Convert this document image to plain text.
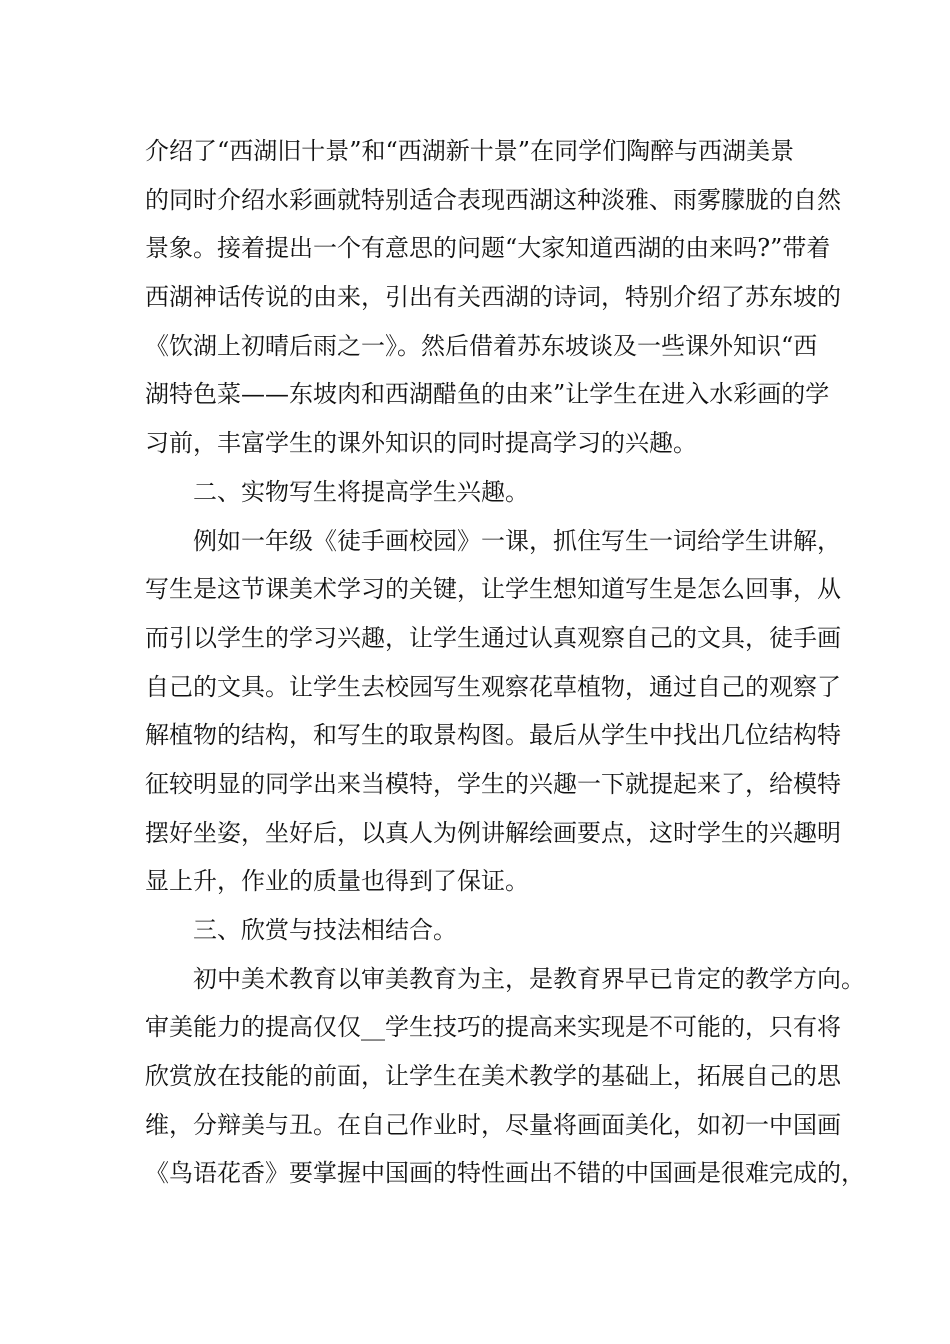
介绍了“西湖旧十景”和“西湖新十景”在同学们陶醉与西湖美景
的同时介绍水彩画就特别适合表现西湖这种淡雅、雨雾朦胧的自然
景象。接着提出一个有意思的问题“大家知道西湖的由来吗?”带着
西湖神话传说的由来，引出有关西湖的诗词，特别介绍了苏东坡的
《饮湖上初晴后雨之一》。然后借着苏东坡谈及一些课外知识“西
湖特色菜——东坡肉和西湖醋鱼的由来”让学生在进入水彩画的学
习前，丰富学生的课外知识的同时提高学习的兴趣。
　　二、实物写生将提高学生兴趣。
　　例如一年级《徒手画校园》一课，抓住写生一词给学生讲解，
写生是这节课美术学习的关键，让学生想知道写生是怎么回事，从
而引以学生的学习兴趣，让学生通过认真观察自己的文具，徒手画
自己的文具。让学生去校园写生观察花草植物，通过自己的观察了
解植物的结构，和写生的取景构图。最后从学生中找出几位结构特
征较明显的同学出来当模特，学生的兴趣一下就提起来了，给模特
摆好坐姿，坐好后，以真人为例讲解绘画要点，这时学生的兴趣明
显上升，作业的质量也得到了保证。
　　三、欣赏与技法相结合。
　　初中美术教育以审美教育为主，是教育界早已肯定的教学方向。
审美能力的提高仅仅__学生技巧的提高来实现是不可能的，只有将
欣赏放在技能的前面，让学生在美术教学的基础上，拓展自己的思
维，分辩美与丑。在自己作业时，尽量将画面美化，如初一中国画
《鸟语花香》要掌握中国画的特性画出不错的中国画是很难完成的，
